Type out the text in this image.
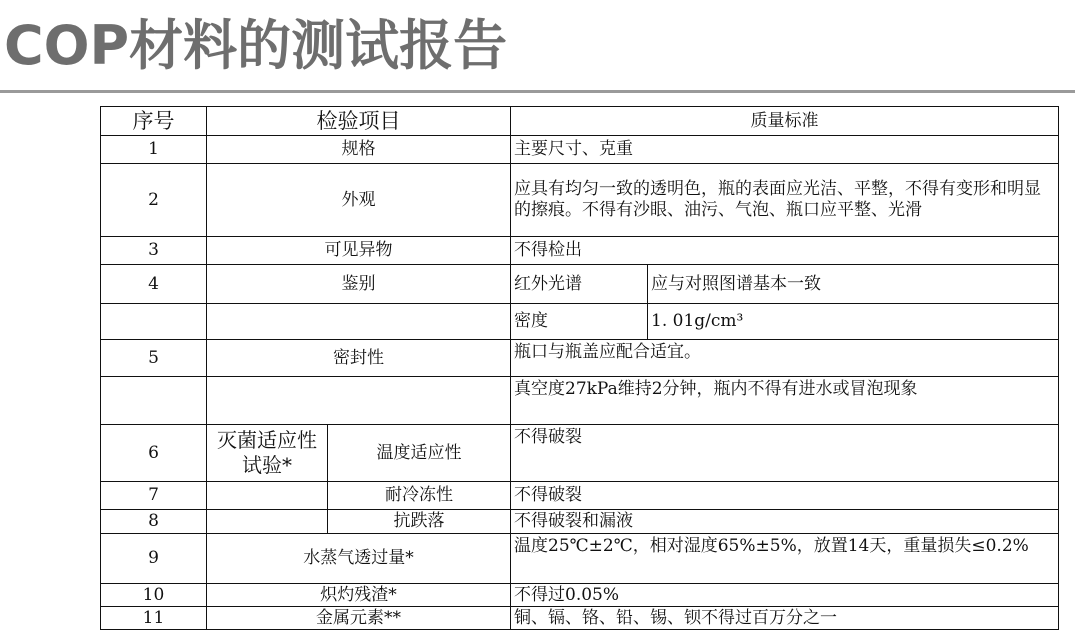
COP材料的测试报告
序号	检验项目		质量标准	
1	规格		主要尺寸、克重	
2	外观		应具有均匀一致的透明色，瓶的表面应光洁、平整，不得有变形和明显的擦痕。不得有沙眼、油污、气泡、瓶口应平整、光滑	
3	可见异物		不得检出	
4	鉴别		红外光谱	应与对照图谱基本一致
			密度	1. 01g/cm³
5	密封性		瓶口与瓶盖应配合适宜。	
			真空度27kPa维持2分钟，瓶内不得有进水或冒泡现象	
6	灭菌适应性试验*	温度适应性	不得破裂	
7		耐冷冻性	不得破裂	
8		抗跌落	不得破裂和漏液	
9	水蒸气透过量*		温度25℃±2℃，相对湿度65%±5%，放置14天，重量损失≤0.2%	
10	炽灼残渣*		不得过0.05%	
11	金属元素**		铜、镉、铬、铅、锡、钡不得过百万分之一	
